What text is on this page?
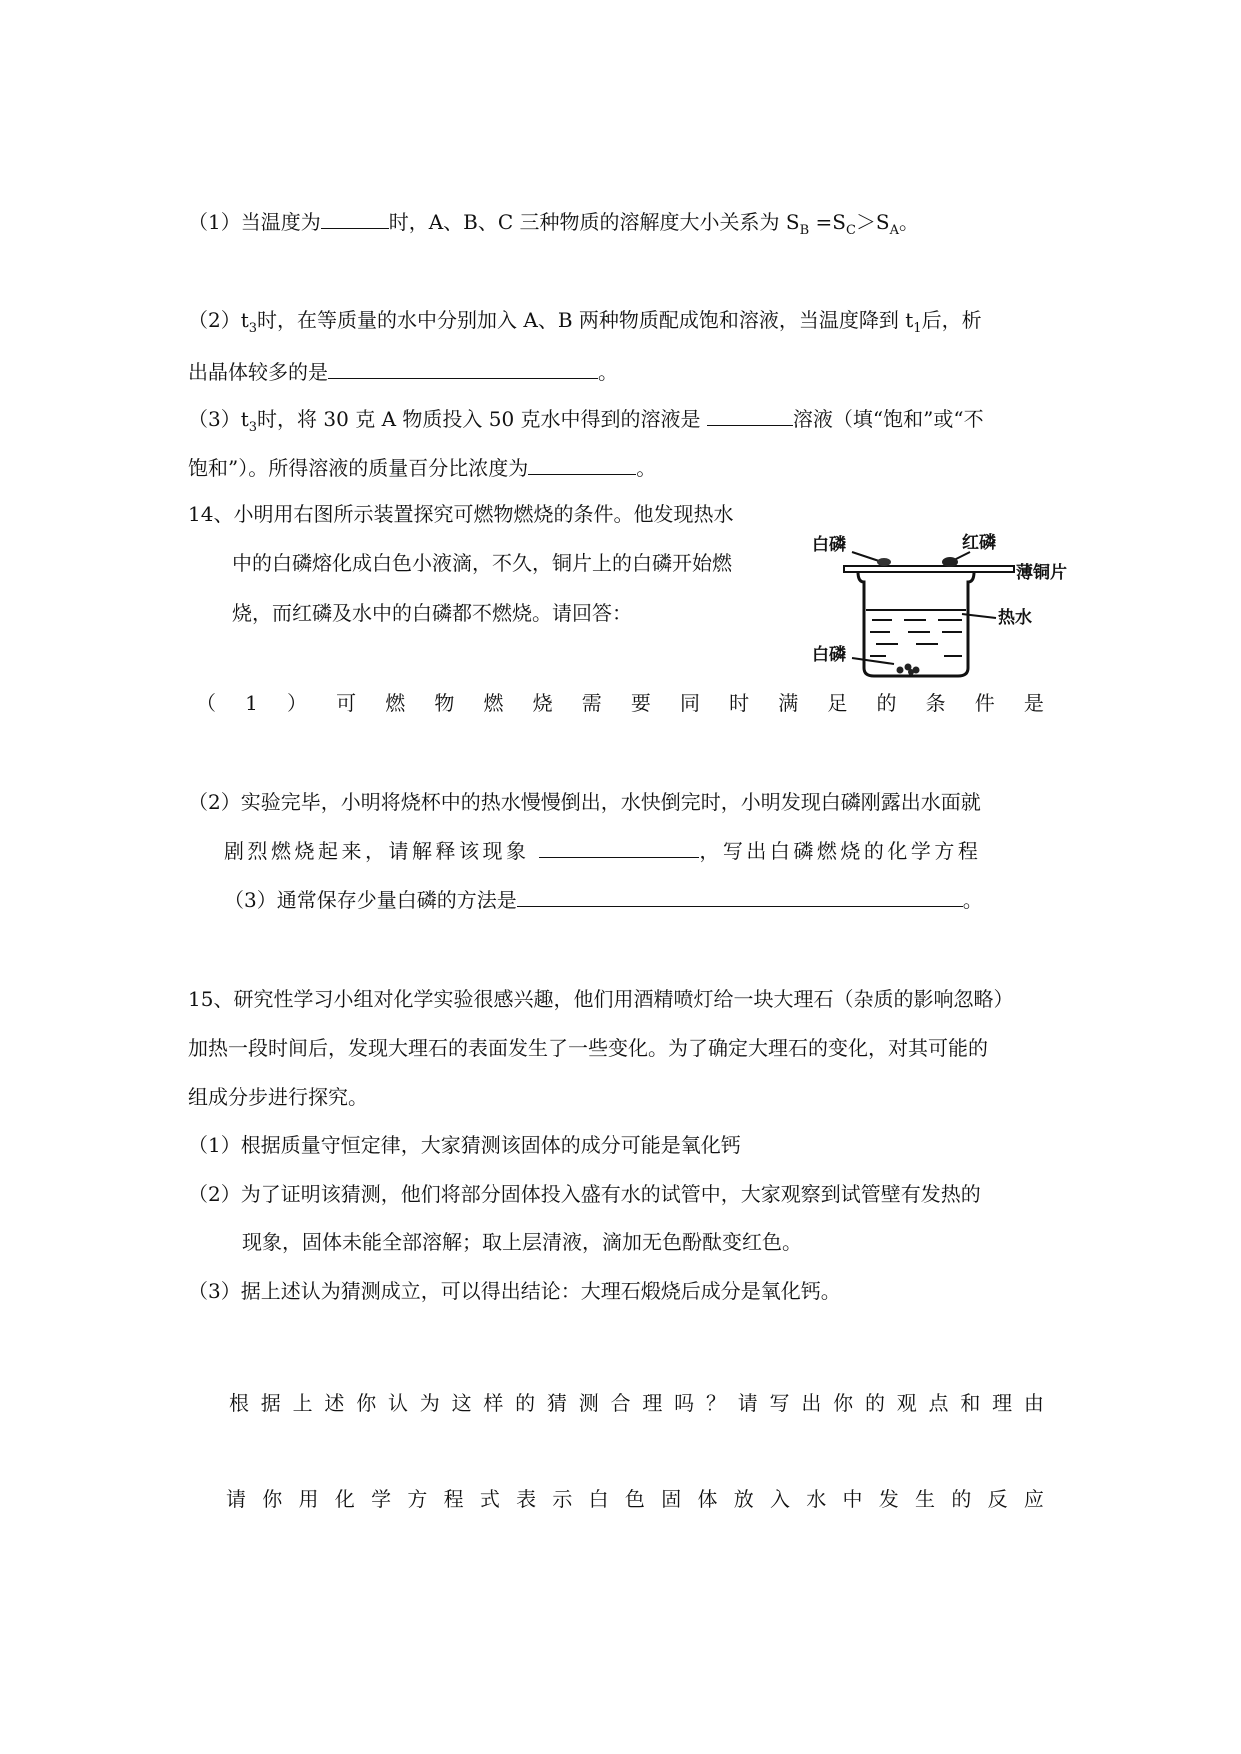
（1）当温度为	时，A、B、C 三种物质的溶解度大小关系为 $S_B =S_C>S_A$。
$(2)t_3$时，在等质量的水中分别加入 A、B 两种物质配成饱和溶液，当温度降到 $t_1$后，析
出晶体较多的是	。
$(3)t_3$时，将 30 克 A 物质投入 50 克水中得到的溶液是	溶液（填“饱和”或“不
饱和”）。所得溶液的质量百分比浓度为	。
14、小明用右图所示装置探究可燃物燃烧的条件。他发现热水
中的白磷熔化成白色小液滴，不久，铜片上的白磷开始燃
烧，而红磷及水中的白磷都不燃烧。请回答：
白磷	红磷
薄铜片
热水
白磷
（ 1 ） 可 燃 物 燃 烧 需 要 同 时 满 足 的 条 件 是
（2）实验完毕，小明将烧杯中的热水慢慢倒出，水快倒完时，小明发现白磷刚露出水面就
剧烈燃烧起来，请解释该现象	，写出白磷燃烧的化学方程
（3）通常保存少量白磷的方法是	。
15、研究性学习小组对化学实验很感兴趣，他们用酒精喷灯给一块大理石（杂质的影响忽略）
加热一段时间后，发现大理石的表面发生了一些变化。为了确定大理石的变化，对其可能的
组成分步进行探究。
（1）根据质量守恒定律，大家猜测该固体的成分可能是氧化钙
（2）为了证明该猜测，他们将部分固体投入盛有水的试管中，大家观察到试管壁有发热的
现象，固体未能全部溶解；取上层清液，滴加无色酚酞变红色。
（3）据上述认为猜测成立，可以得出结论：大理石煅烧后成分是氧化钙。
根 据 上 述 你 认 为 这 样 的 猜 测 合 理 吗 ？ 请 写 出 你 的 观 点 和 理 由
请 你 用 化 学 方 程 式 表 示 白 色 固 体 放 入 水 中 发 生 的 反 应
